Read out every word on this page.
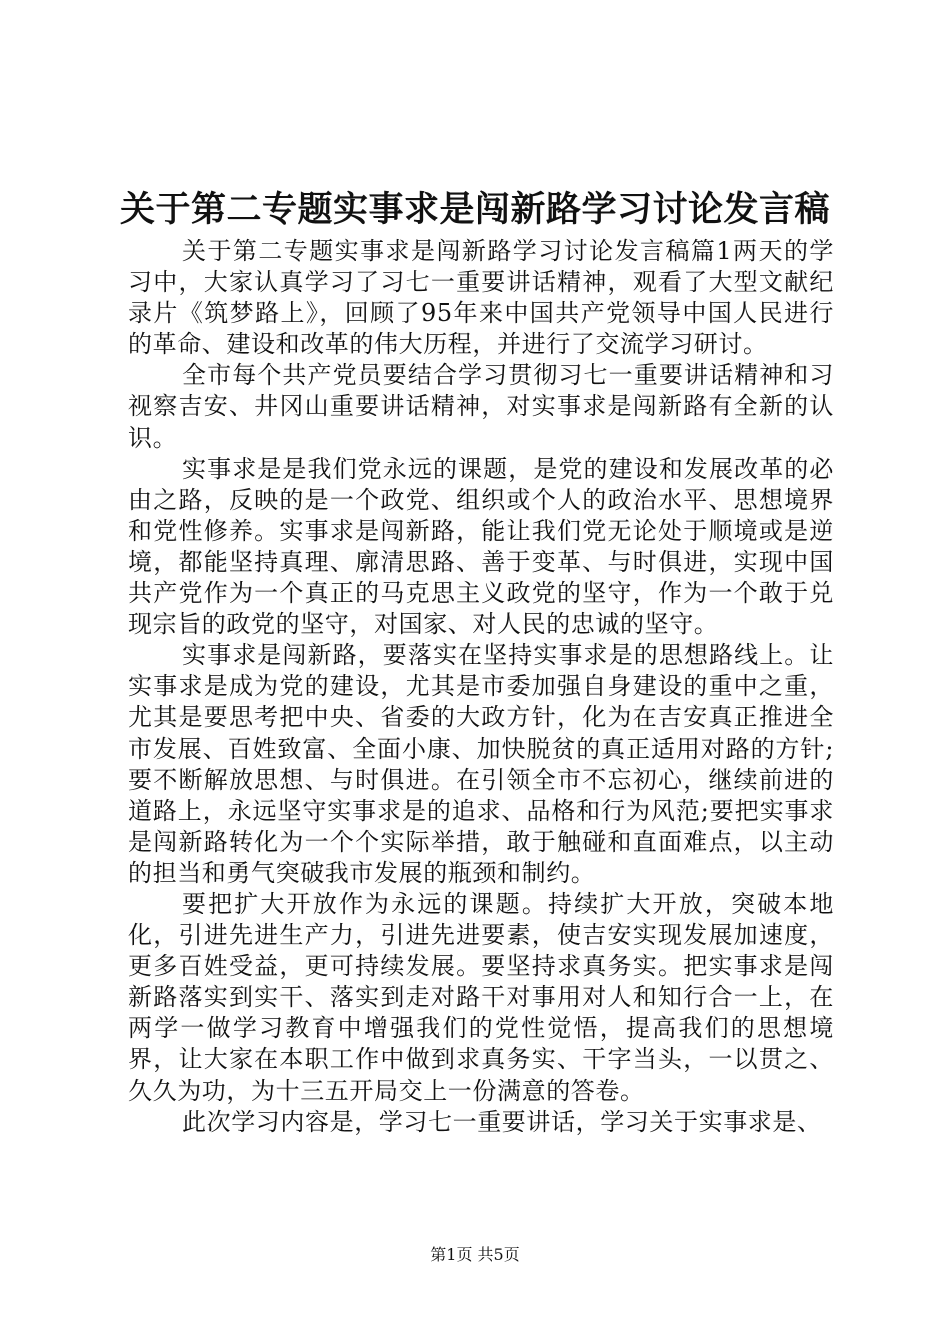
关于第二专题实事求是闯新路学习讨论发言稿

关于第二专题实事求是闯新路学习讨论发言稿篇1两天的学习中，大家认真学习了习七一重要讲话精神，观看了大型文献纪录片《筑梦路上》，回顾了95年来中国共产党领导中国人民进行的革命、建设和改革的伟大历程，并进行了交流学习研讨。

全市每个共产党员要结合学习贯彻习七一重要讲话精神和习视察吉安、井冈山重要讲话精神，对实事求是闯新路有全新的认识。

实事求是是我们党永远的课题，是党的建设和发展改革的必由之路，反映的是一个政党、组织或个人的政治水平、思想境界和党性修养。实事求是闯新路，能让我们党无论处于顺境或是逆境，都能坚持真理、廓清思路、善于变革、与时俱进，实现中国共产党作为一个真正的马克思主义政党的坚守，作为一个敢于兑现宗旨的政党的坚守，对国家、对人民的忠诚的坚守。

实事求是闯新路，要落实在坚持实事求是的思想路线上。让实事求是成为党的建设，尤其是市委加强自身建设的重中之重，尤其是要思考把中央、省委的大政方针，化为在吉安真正推进全市发展、百姓致富、全面小康、加快脱贫的真正适用对路的方针;要不断解放思想、与时俱进。在引领全市不忘初心，继续前进的道路上，永远坚守实事求是的追求、品格和行为风范;要把实事求是闯新路转化为一个个实际举措，敢于触碰和直面难点，以主动的担当和勇气突破我市发展的瓶颈和制约。

要把扩大开放作为永远的课题。持续扩大开放，突破本地化，引进先进生产力，引进先进要素，使吉安实现发展加速度，更多百姓受益，更可持续发展。要坚持求真务实。把实事求是闯新路落实到实干、落实到走对路干对事用对人和知行合一上，在两学一做学习教育中增强我们的党性觉悟，提高我们的思想境界，让大家在本职工作中做到求真务实、干字当头，一以贯之、久久为功，为十三五开局交上一份满意的答卷。

此次学习内容是，学习七一重要讲话，学习关于实事求是、

第1页 共5页
